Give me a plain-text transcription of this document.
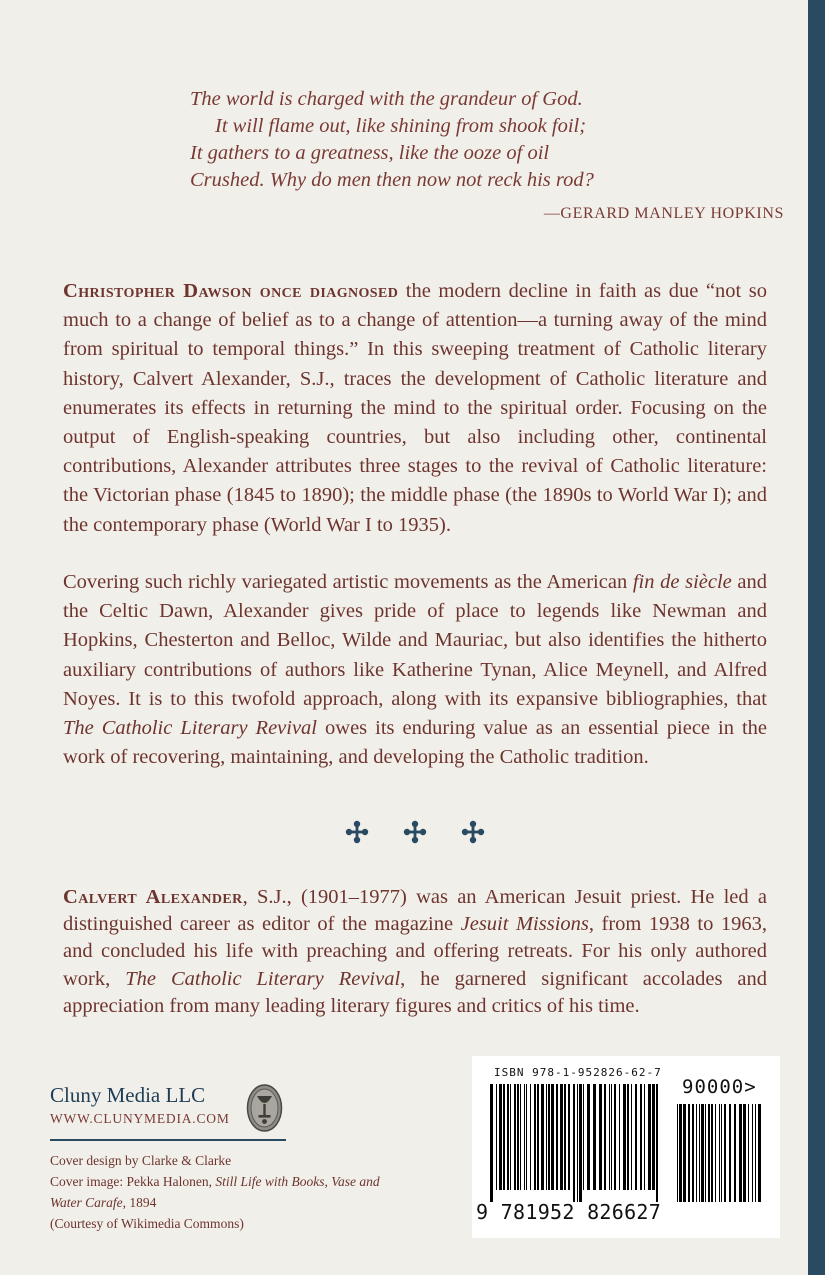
The world is charged with the grandeur of God.
It will flame out, like shining from shook foil;
It gathers to a greatness, like the ooze of oil
Crushed. Why do men then now not reck his rod?
—GERARD MANLEY HOPKINS

Christopher Dawson once diagnosed the modern decline in faith as due “not so much to a change of belief as to a change of attention—a turning away of the mind from spiritual to temporal things.” In this sweeping treatment of Catholic literary history, Calvert Alexander, S.J., traces the development of Catholic literature and enumerates its effects in returning the mind to the spiritual order. Focusing on the output of English-speaking countries, but also including other, continental contributions, Alexander attributes three stages to the revival of Catholic literature: the Victorian phase (1845 to 1890); the middle phase (the 1890s to World War I); and the contemporary phase (World War I to 1935).

Covering such richly variegated artistic movements as the American fin de siècle and the Celtic Dawn, Alexander gives pride of place to legends like Newman and Hopkins, Chesterton and Belloc, Wilde and Mauriac, but also identifies the hitherto auxiliary contributions of authors like Katherine Tynan, Alice Meynell, and Alfred Noyes. It is to this twofold approach, along with its expansive bibliographies, that The Catholic Literary Revival owes its enduring value as an essential piece in the work of recovering, maintaining, and developing the Catholic tradition.

Calvert Alexander, S.J., (1901–1977) was an American Jesuit priest. He led a distinguished career as editor of the magazine Jesuit Missions, from 1938 to 1963, and concluded his life with preaching and offering retreats. For his only authored work, The Catholic Literary Revival, he garnered significant accolades and appreciation from many leading literary figures and critics of his time.

Cluny Media LLC
WWW.CLUNYMEDIA.COM
Cover design by Clarke & Clarke
Cover image: Pekka Halonen, Still Life with Books, Vase and Water Carafe, 1894
(Courtesy of Wikimedia Commons)
ISBN 978-1-952826-62-7
90000>
9 781952 826627
